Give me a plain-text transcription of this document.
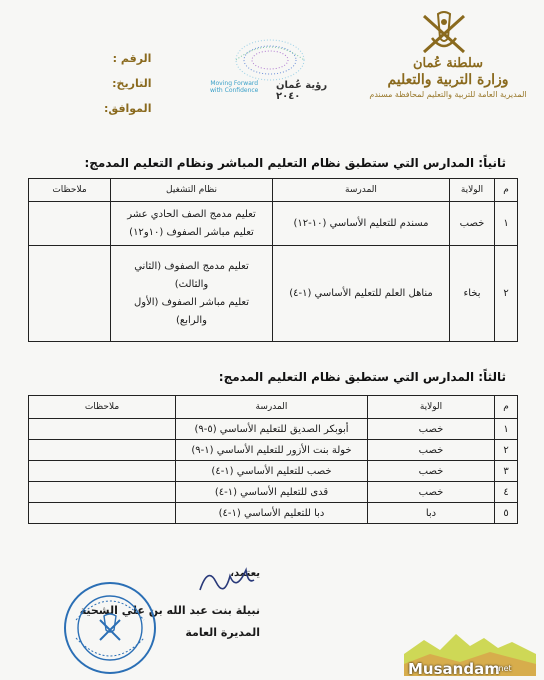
سلطنة عُمان
وزارة التربية والتعليم
المديرية العامة للتربية والتعليم لمحافظة مسندم
رؤية عُمان ٢٠٤٠
Moving Forward
with Confidence
الرقم :
التاريخ:
الموافق:
ثانياً: المدارس التي ستطبق نظام التعليم المباشر ونظام التعليم المدمج:
م	الولاية	المدرسة	نظام التشغيل	ملاحظات
١	خصب	مسندم للتعليم الأساسي (١٠-١٢)	تعليم مدمج الصف الحادي عشر
تعليم مباشر الصفوف (١٠و١٢)	

٢	بخاء	مناهل العلم للتعليم الأساسي (١-٤)	تعليم مدمج الصفوف (الثاني
والثالث)
تعليم مباشر الصفوف (الأول
والرابع)	

ثالثاً: المدارس التي ستطبق نظام التعليم المدمج:
م	الولاية	المدرسة	ملاحظات
١	خصب	أبوبكر الصديق للتعليم الأساسي (٥-٩)	
٢	خصب	خولة بنت الأزور للتعليم الأساسي (١-٩)	
٣	خصب	خصب للتعليم الأساسي (١-٤)	
٤	خصب	قدى للتعليم الأساسي (١-٤)	
٥	دبا	دبا للتعليم الأساسي (١-٤)	
يعتمد،
نبيلة بنت عبد الله بن علي الشحية
المديرة العامة
Musandam
.net
